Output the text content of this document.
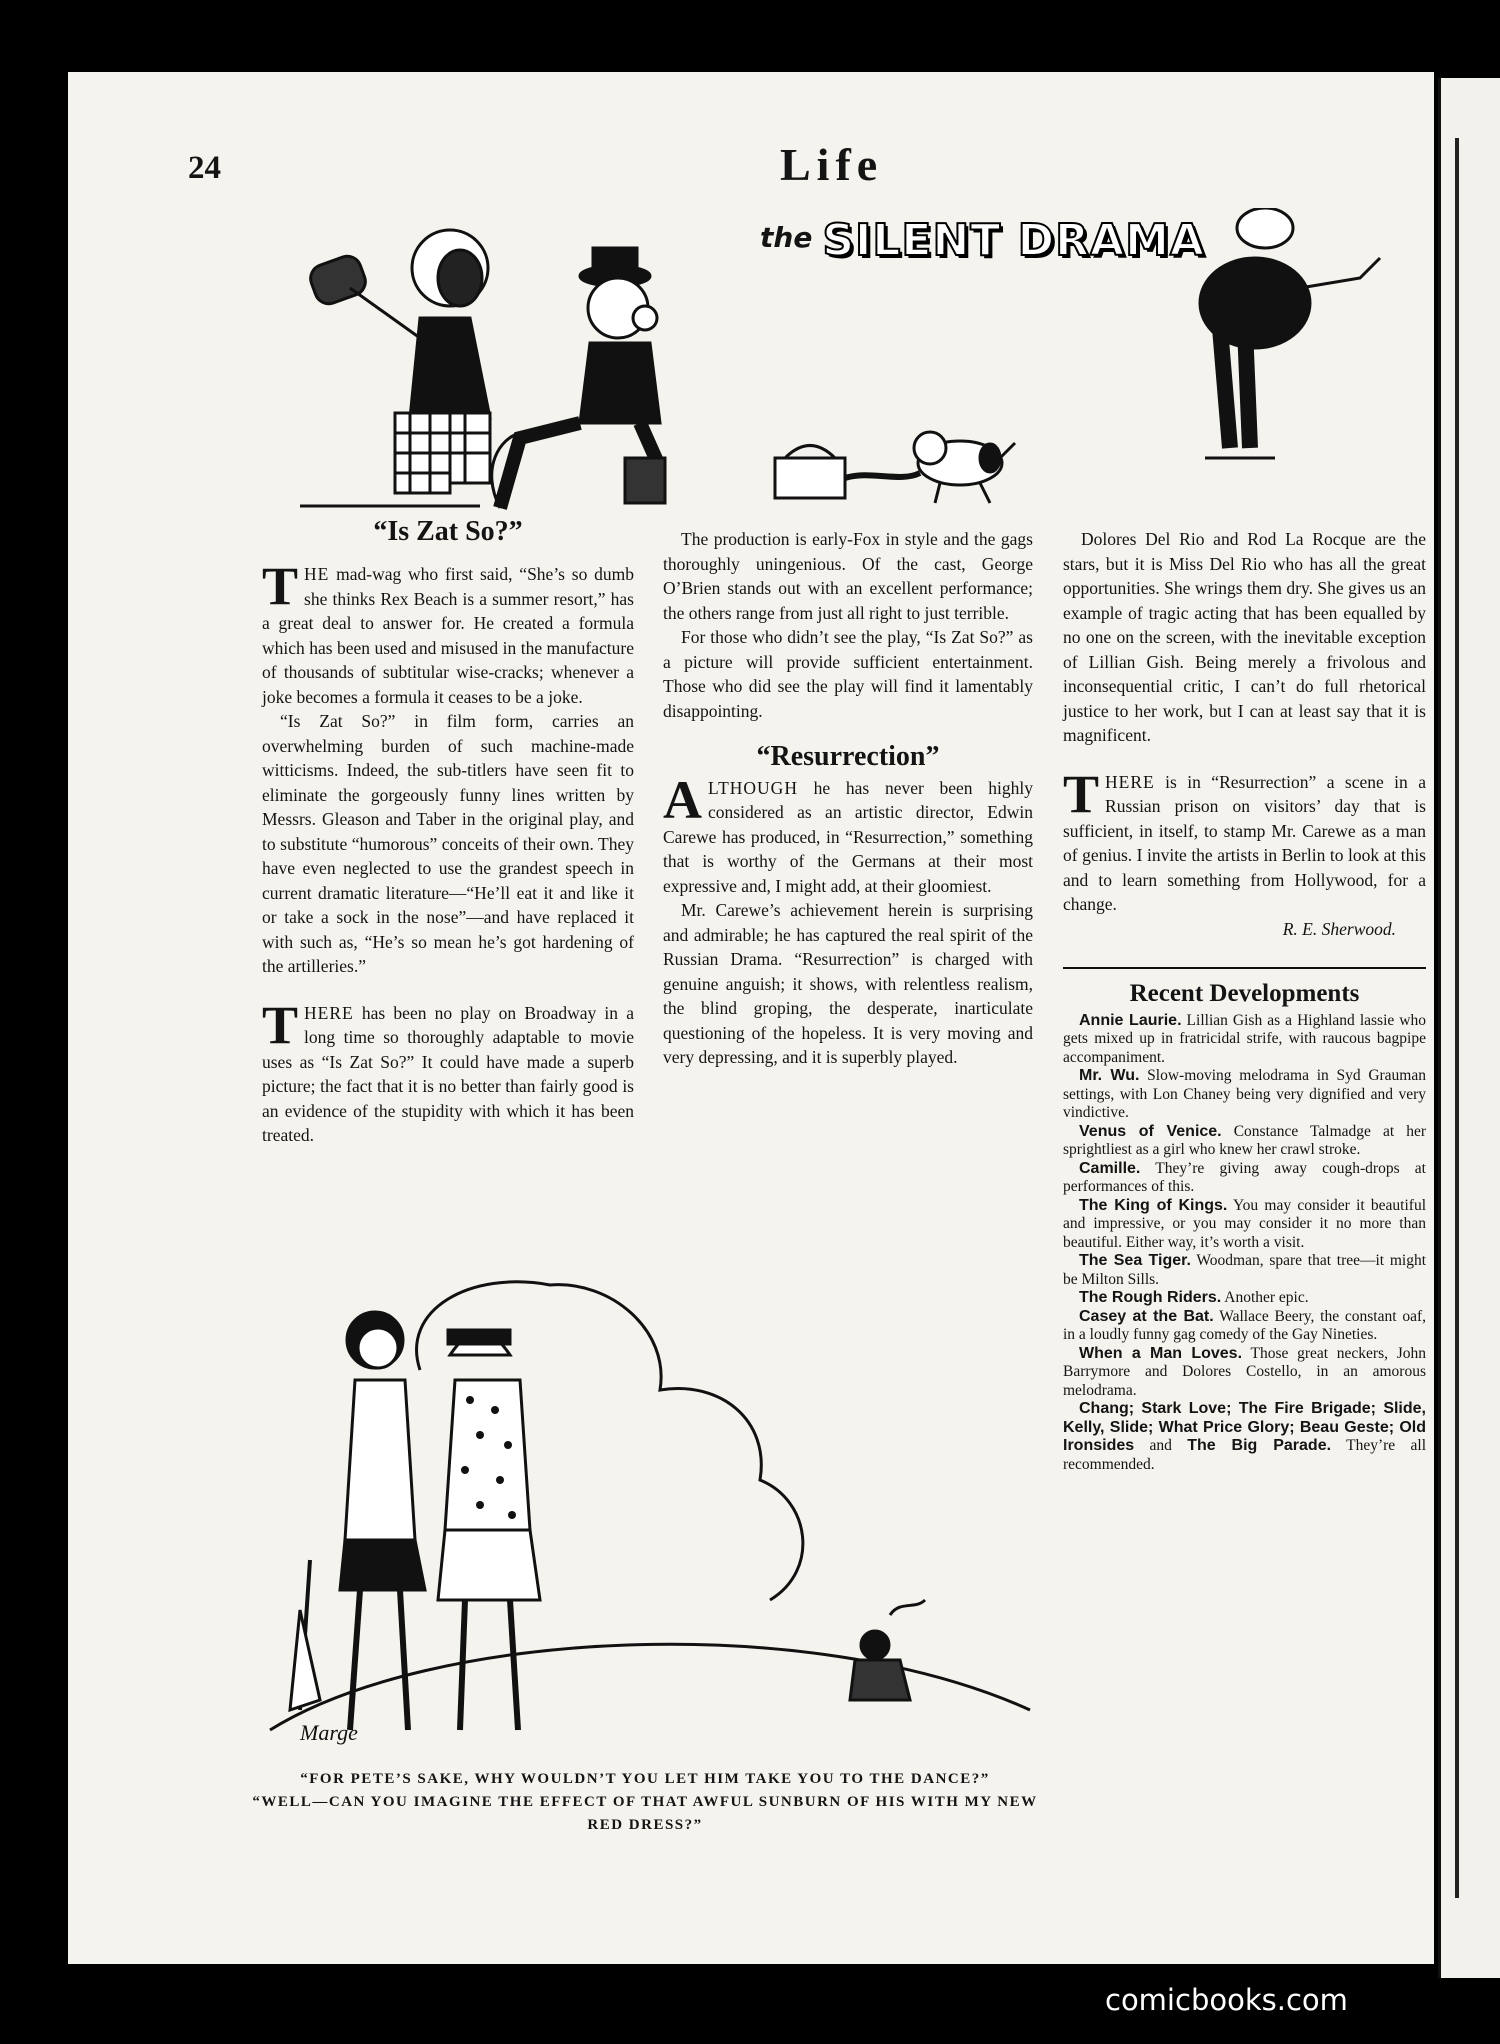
24	Life
the SILENT DRAMA
“Is Zat So?”

THE mad-wag who first said, “She’s so dumb she thinks Rex Beach is a summer resort,” has a great deal to answer for. He created a formula which has been used and misused in the manufacture of thousands of subtitular wise-cracks; whenever a joke becomes a formula it ceases to be a joke.

“Is Zat So?” in film form, carries an overwhelming burden of such machine-made witticisms. Indeed, the sub-titlers have seen fit to eliminate the gorgeously funny lines written by Messrs. Gleason and Taber in the original play, and to substitute “humorous” conceits of their own. They have even neglected to use the grandest speech in current dramatic literature—“He’ll eat it and like it or take a sock in the nose”—and have replaced it with such as, “He’s so mean he’s got hardening of the artilleries.”

THERE has been no play on Broadway in a long time so thoroughly adaptable to movie uses as “Is Zat So?” It could have made a superb picture; the fact that it is no better than fairly good is an evidence of the stupidity with which it has been treated.

The production is early-Fox in style and the gags thoroughly uningenious. Of the cast, George O’Brien stands out with an excellent performance; the others range from just all right to just terrible.

For those who didn’t see the play, “Is Zat So?” as a picture will provide sufficient entertainment. Those who did see the play will find it lamentably disappointing.

“Resurrection”

ALTHOUGH he has never been highly considered as an artistic director, Edwin Carewe has produced, in “Resurrection,” something that is worthy of the Germans at their most expressive and, I might add, at their gloomiest.

Mr. Carewe’s achievement herein is surprising and admirable; he has captured the real spirit of the Russian Drama. “Resurrection” is charged with genuine anguish; it shows, with relentless realism, the blind groping, the desperate, inarticulate questioning of the hopeless. It is very moving and very depressing, and it is superbly played.

Dolores Del Rio and Rod La Rocque are the stars, but it is Miss Del Rio who has all the great opportunities. She wrings them dry. She gives us an example of tragic acting that has been equalled by no one on the screen, with the inevitable exception of Lillian Gish. Being merely a frivolous and inconsequential critic, I can’t do full rhetorical justice to her work, but I can at least say that it is magnificent.

THERE is in “Resurrection” a scene in a Russian prison on visitors’ day that is sufficient, in itself, to stamp Mr. Carewe as a man of genius. I invite the artists in Berlin to look at this and to learn something from Hollywood, for a change.

R. E. Sherwood.
Recent Developments

Annie Laurie. Lillian Gish as a Highland lassie who gets mixed up in fratricidal strife, with raucous bagpipe accompaniment.

Mr. Wu. Slow-moving melodrama in Syd Grauman settings, with Lon Chaney being very dignified and very vindictive.

Venus of Venice. Constance Talmadge at her sprightliest as a girl who knew her crawl stroke.

Camille. They’re giving away cough-drops at performances of this.

The King of Kings. You may consider it beautiful and impressive, or you may consider it no more than beautiful. Either way, it’s worth a visit.

The Sea Tiger. Woodman, spare that tree—it might be Milton Sills.

The Rough Riders. Another epic.

Casey at the Bat. Wallace Beery, the constant oaf, in a loudly funny gag comedy of the Gay Nineties.

When a Man Loves. Those great neckers, John Barrymore and Dolores Costello, in an amorous melodrama.

Chang; Stark Love; The Fire Brigade; Slide, Kelly, Slide; What Price Glory; Beau Geste; Old Ironsides and The Big Parade. They’re all recommended.

Marge
“FOR PETE’S SAKE, WHY WOULDN’T YOU LET HIM TAKE YOU TO THE DANCE?”
“WELL—CAN YOU IMAGINE THE EFFECT OF THAT AWFUL SUNBURN OF HIS WITH MY NEW RED DRESS?”
comicbooks.com
